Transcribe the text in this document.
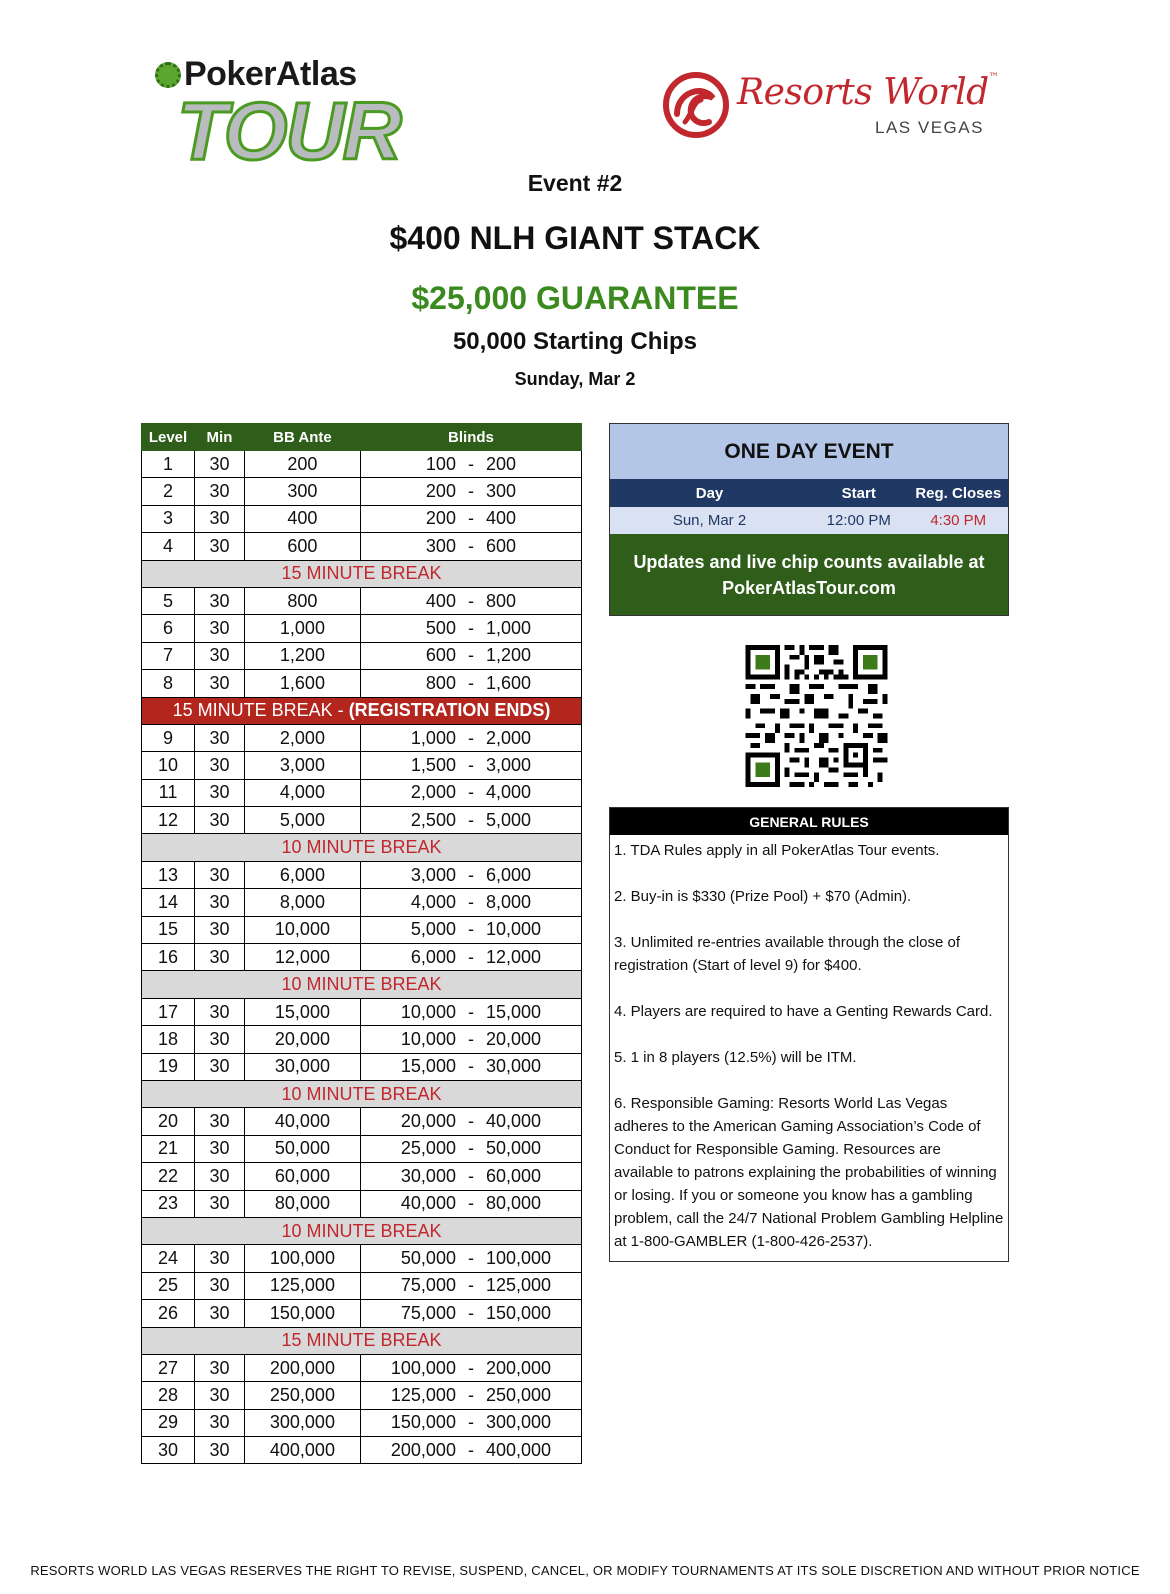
PokerAtlas
TOUR	Resorts World™
LAS VEGAS
Event #2
$400 NLH GIANT STACK
$25,000 GUARANTEE
50,000 Starting Chips
Sunday, Mar 2
Level	Min	BB Ante	Blinds
1	30	200	100 - 200

2	30	300	200 - 300

3	30	400	200 - 400

4	30	600	300 - 600

15 MINUTE BREAK			
5	30	800	400 - 800

6	30	1,000	500 - 1,000

7	30	1,200	600 - 1,200

8	30	1,600	800 - 1,600

15 MINUTE BREAK - (REGISTRATION ENDS)			
9	30	2,000	1,000 - 2,000

10	30	3,000	1,500 - 3,000

11	30	4,000	2,000 - 4,000

12	30	5,000	2,500 - 5,000

10 MINUTE BREAK			
13	30	6,000	3,000 - 6,000

14	30	8,000	4,000 - 8,000

15	30	10,000	5,000 - 10,000

16	30	12,000	6,000 - 12,000

10 MINUTE BREAK			
17	30	15,000	10,000 - 15,000

18	30	20,000	10,000 - 20,000

19	30	30,000	15,000 - 30,000

10 MINUTE BREAK			
20	30	40,000	20,000 - 40,000

21	30	50,000	25,000 - 50,000

22	30	60,000	30,000 - 60,000

23	30	80,000	40,000 - 80,000

10 MINUTE BREAK			
24	30	100,000	50,000 - 100,000

25	30	125,000	75,000 - 125,000

26	30	150,000	75,000 - 150,000

15 MINUTE BREAK			
27	30	200,000	100,000 - 200,000

28	30	250,000	125,000 - 250,000

29	30	300,000	150,000 - 300,000

30	30	400,000	200,000 - 400,000
ONE DAY EVENT
Day	Start	Reg. Closes
Sun, Mar 2	12:00 PM	4:30 PM
Updates and live chip counts available at
PokerAtlasTour.com
GENERAL RULES
1. TDA Rules apply in all PokerAtlas Tour events.
2. Buy-in is $330 (Prize Pool) + $70 (Admin).
3. Unlimited re-entries available through the close of registration (Start of level 9) for $400.
4. Players are required to have a Genting Rewards Card.
5. 1 in 8 players (12.5%) will be ITM.
6. Responsible Gaming: Resorts World Las Vegas adheres to the American Gaming Association’s Code of Conduct for Responsible Gaming. Resources are available to patrons explaining the probabilities of winning or losing. If you or someone you know has a gambling problem, call the 24/7 National Problem Gambling Helpline at 1-800-GAMBLER (1-800-426-2537).
RESORTS WORLD LAS VEGAS RESERVES THE RIGHT TO REVISE, SUSPEND, CANCEL, OR MODIFY TOURNAMENTS AT ITS SOLE DISCRETION AND WITHOUT PRIOR NOTICE
